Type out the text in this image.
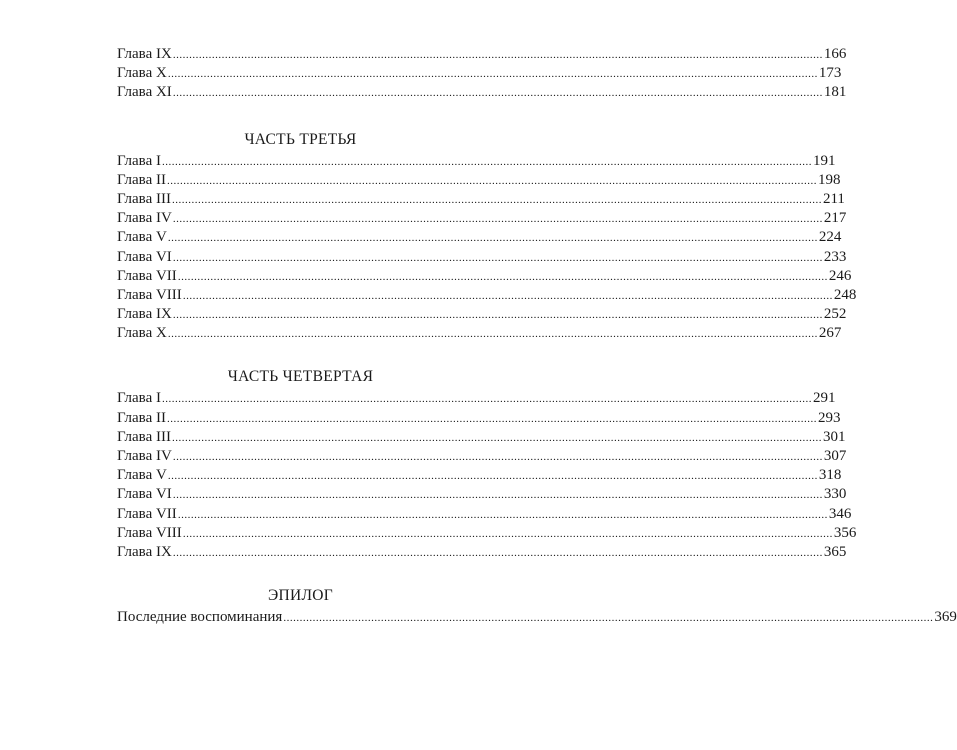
Глава IX ........................................................................................................................................................................................................ 166
Глава X ........................................................................................................................................................................................................ 173
Глава XI ........................................................................................................................................................................................................ 181
ЧАСТЬ ТРЕТЬЯ
Глава I ........................................................................................................................................................................................................ 191
Глава II ........................................................................................................................................................................................................ 198
Глава III ........................................................................................................................................................................................................ 211
Глава IV ........................................................................................................................................................................................................ 217
Глава V ........................................................................................................................................................................................................ 224
Глава VI ........................................................................................................................................................................................................ 233
Глава VII ........................................................................................................................................................................................................ 246
Глава VIII ........................................................................................................................................................................................................ 248
Глава IX ........................................................................................................................................................................................................ 252
Глава X ........................................................................................................................................................................................................ 267
ЧАСТЬ ЧЕТВЕРТАЯ
Глава I ........................................................................................................................................................................................................ 291
Глава II ........................................................................................................................................................................................................ 293
Глава III ........................................................................................................................................................................................................ 301
Глава IV ........................................................................................................................................................................................................ 307
Глава V ........................................................................................................................................................................................................ 318
Глава VI ........................................................................................................................................................................................................ 330
Глава VII ........................................................................................................................................................................................................ 346
Глава VIII ........................................................................................................................................................................................................ 356
Глава IX ........................................................................................................................................................................................................ 365
ЭПИЛОГ
Последние воспоминания ........................................................................................................................................................................................................ 369
